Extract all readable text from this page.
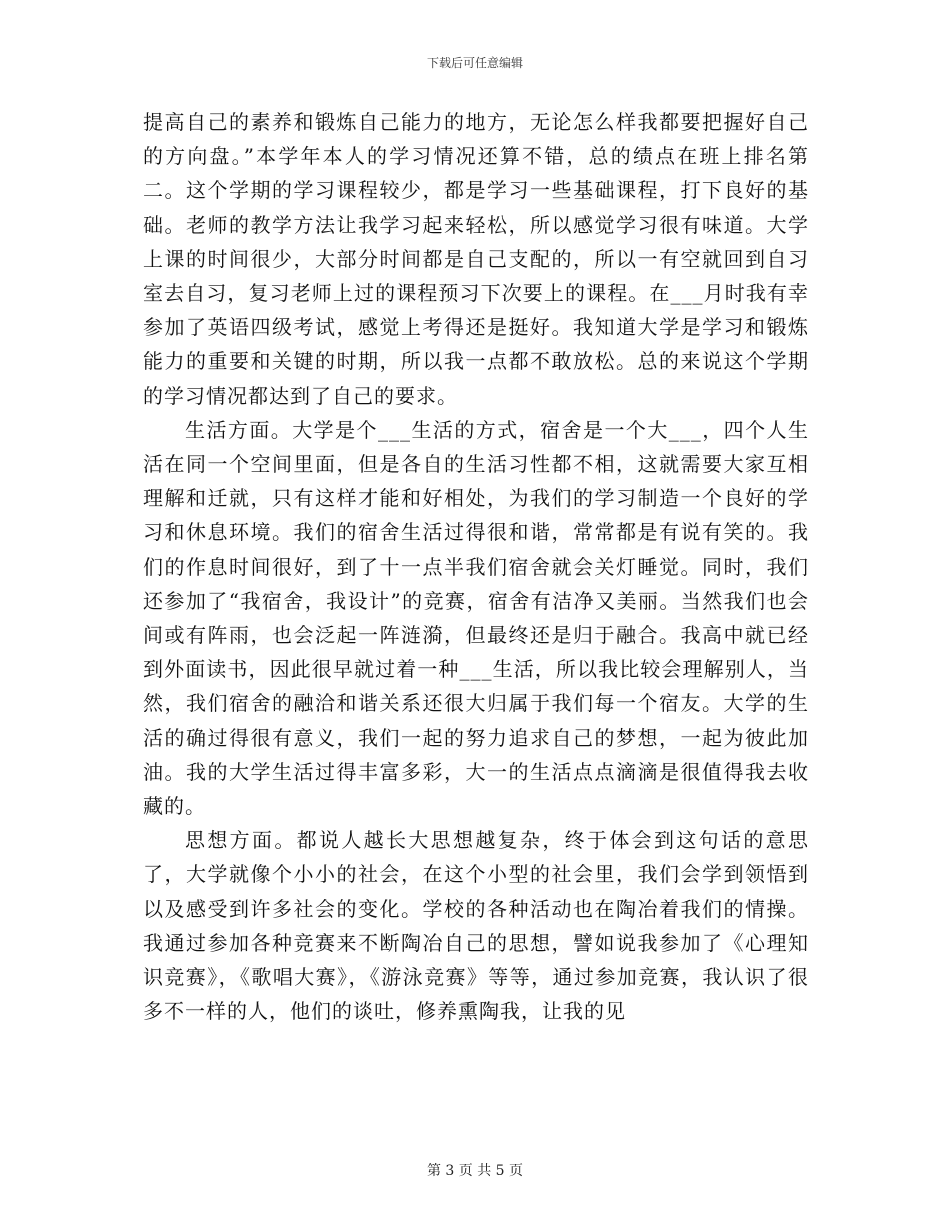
下载后可任意编辑

提高自己的素养和锻炼自己能力的地方，无论怎么样我都要把握好自己的方向盘。”本学年本人的学习情况还算不错，总的绩点在班上排名第二。这个学期的学习课程较少，都是学习一些基础课程，打下良好的基础。老师的教学方法让我学习起来轻松，所以感觉学习很有味道。大学上课的时间很少，大部分时间都是自己支配的，所以一有空就回到自习室去自习，复习老师上过的课程预习下次要上的课程。在___月时我有幸参加了英语四级考试，感觉上考得还是挺好。我知道大学是学习和锻炼能力的重要和关键的时期，所以我一点都不敢放松。总的来说这个学期的学习情况都达到了自己的要求。

生活方面。大学是个___生活的方式，宿舍是一个大___，四个人生活在同一个空间里面，但是各自的生活习性都不相，这就需要大家互相理解和迁就，只有这样才能和好相处，为我们的学习制造一个良好的学习和休息环境。我们的宿舍生活过得很和谐，常常都是有说有笑的。我们的作息时间很好，到了十一点半我们宿舍就会关灯睡觉。同时，我们还参加了“我宿舍，我设计”的竞赛，宿舍有洁净又美丽。当然我们也会间或有阵雨，也会泛起一阵涟漪，但最终还是归于融合。我高中就已经到外面读书，因此很早就过着一种___生活，所以我比较会理解别人，当然，我们宿舍的融洽和谐关系还很大归属于我们每一个宿友。大学的生活的确过得很有意义，我们一起的努力追求自己的梦想，一起为彼此加油。我的大学生活过得丰富多彩，大一的生活点点滴滴是很值得我去收藏的。

思想方面。都说人越长大思想越复杂，终于体会到这句话的意思了，大学就像个小小的社会，在这个小型的社会里，我们会学到领悟到以及感受到许多社会的变化。学校的各种活动也在陶冶着我们的情操。我通过参加各种竞赛来不断陶冶自己的思想，譬如说我参加了《心理知识竞赛》，《歌唱大赛》，《游泳竞赛》等等，通过参加竞赛，我认识了很多不一样的人，他们的谈吐，修养熏陶我，让我的见

第 3 页 共 5 页
